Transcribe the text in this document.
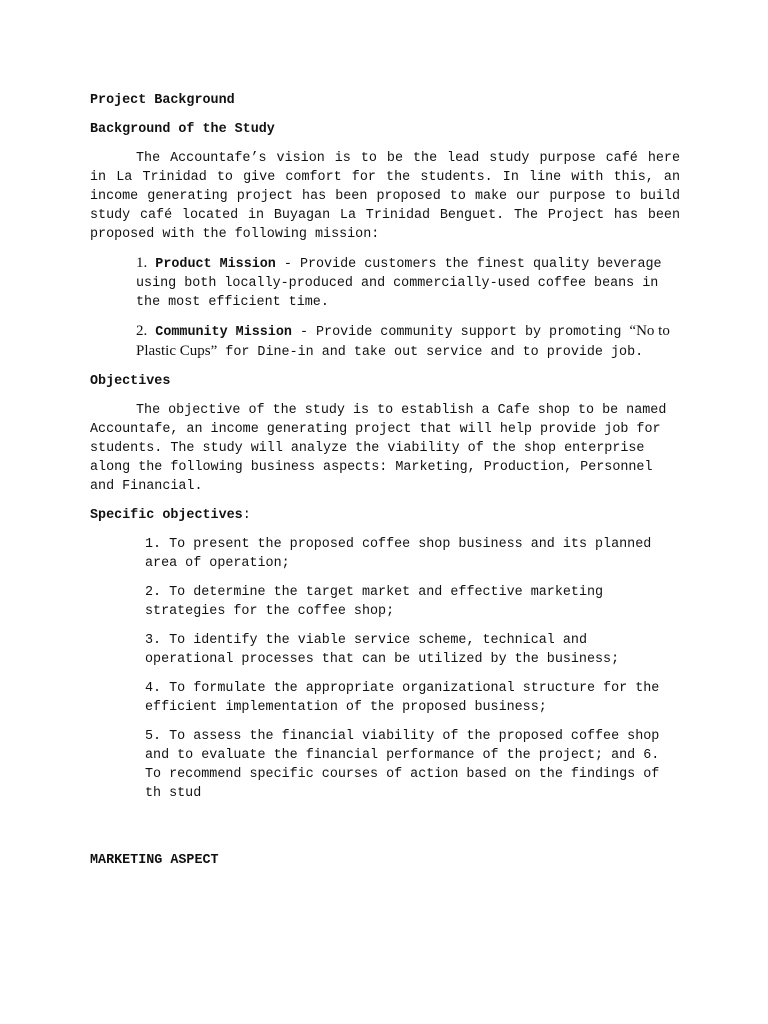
Project Background
Background of the Study
The Accountafe’s vision is to be the lead study purpose café here in La Trinidad to give comfort for the students. In line with this, an income generating project has been proposed to make our purpose to build study café located in Buyagan La Trinidad Benguet. The Project has been proposed with the following mission:
1. Product Mission - Provide customers the finest quality beverage using both locally-produced and commercially-used coffee beans in the most efficient time.
2. Community Mission - Provide community support by promoting “No to Plastic Cups” for Dine-in and take out service and to provide job.
Objectives
The objective of the study is to establish a Cafe shop to be named Accountafe, an income generating project that will help provide job for students. The study will analyze the viability of the shop enterprise along the following business aspects: Marketing, Production, Personnel and Financial.
Specific objectives:
1. To present the proposed coffee shop business and its planned area of operation;
2. To determine the target market and effective marketing strategies for the coffee shop;
3. To identify the viable service scheme, technical and operational processes that can be utilized by the business;
4. To formulate the appropriate organizational structure for the efficient implementation of the proposed business;
5. To assess the financial viability of the proposed coffee shop and to evaluate the financial performance of the project; and 6. To recommend specific courses of action based on the findings of th stud
MARKETING ASPECT
